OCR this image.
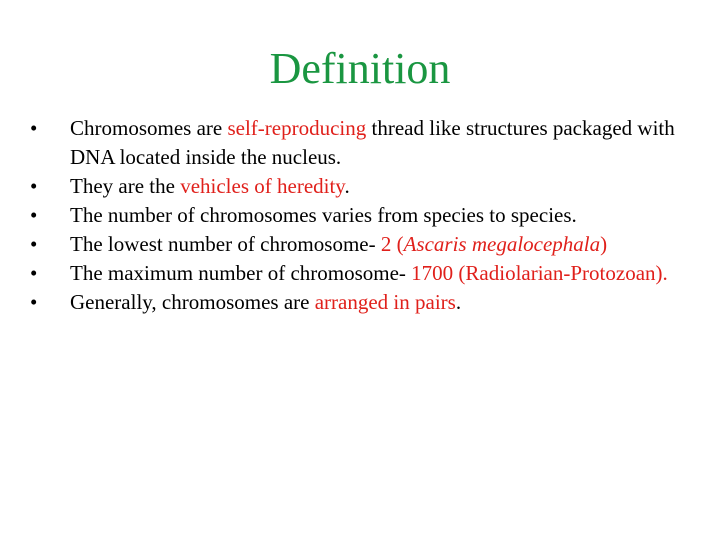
Definition
•	Chromosomes are self-reproducing thread like structures packaged with DNA located inside the nucleus.
•	They are the vehicles of heredity.
•	The number of chromosomes varies from species to species.
•	The lowest number of chromosome- 2 (Ascaris megalocephala)
•	The maximum number of chromosome- 1700 (Radiolarian-Protozoan).
•	Generally, chromosomes are arranged in pairs.
